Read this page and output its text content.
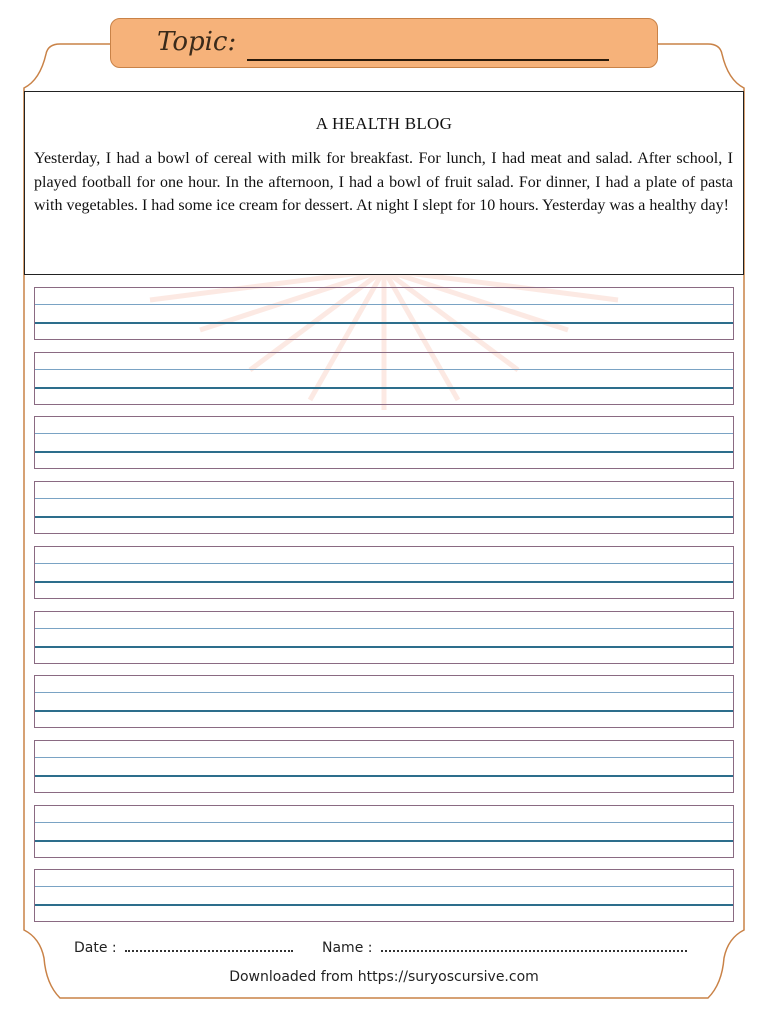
Topic:
A HEALTH BLOG
Yesterday, I had a bowl of cereal with milk for breakfast. For lunch, I had meat and salad. After school, I played football for one hour. In the afternoon, I had a bowl of fruit salad. For dinner, I had a plate of pasta with vegetables. I had some ice cream for dessert. At night I slept for 10 hours. Yesterday was a healthy day!
Date :	Name :
Downloaded from https://suryoscursive.com
